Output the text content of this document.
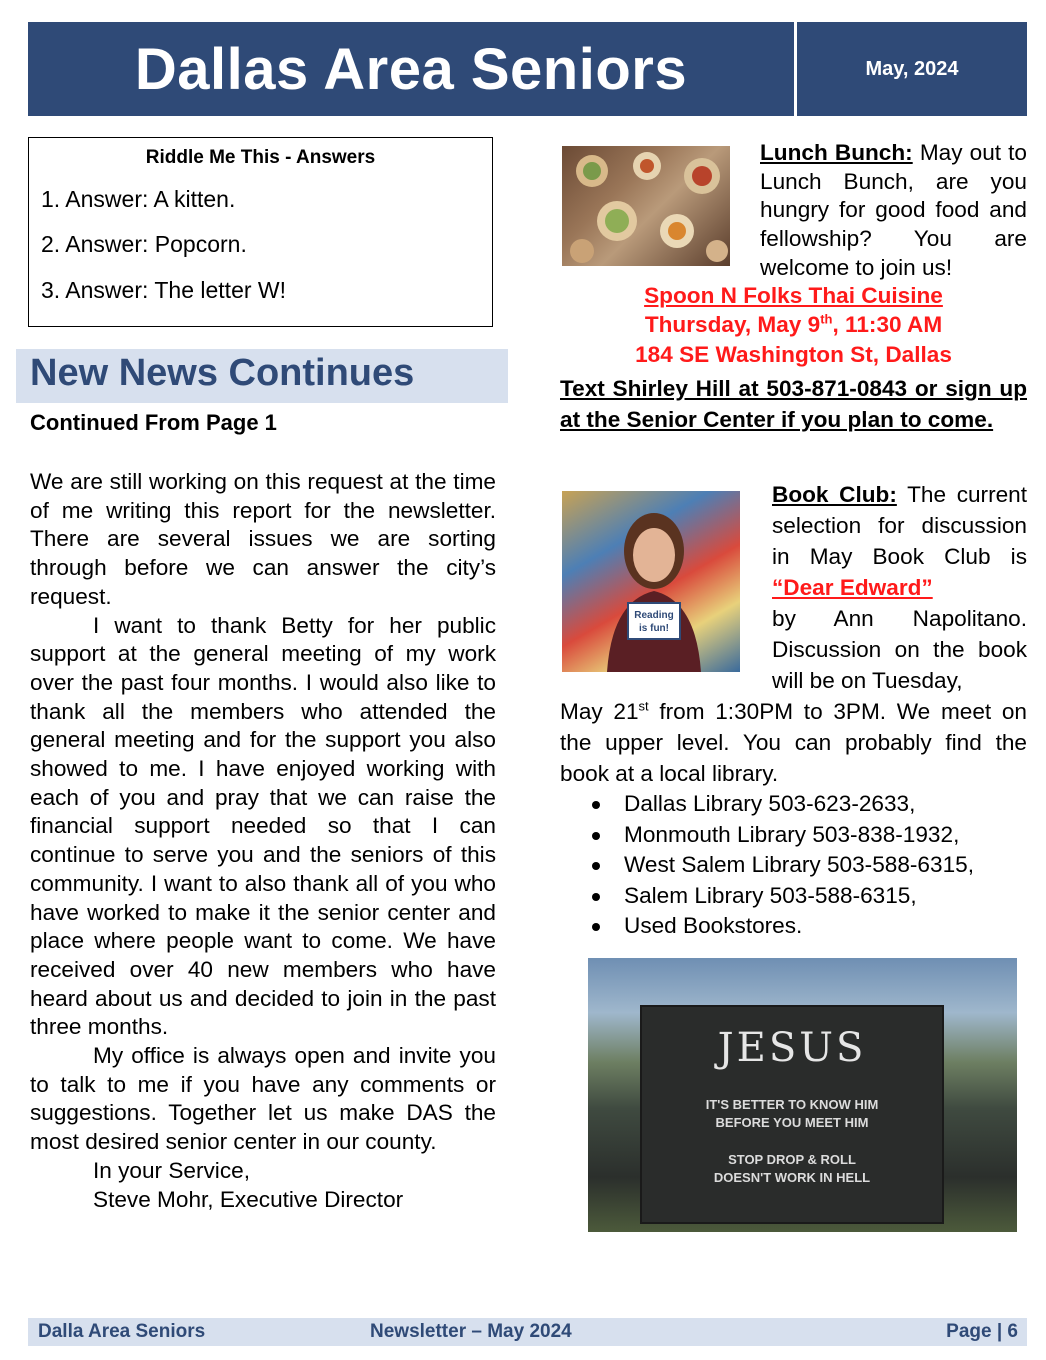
Dallas Area Seniors	May, 2024
Riddle Me This - Answers
1. Answer: A kitten.
2. Answer: Popcorn.
3. Answer: The letter W!
New News Continues
Continued From Page 1

We are still working on this request at the time of me writing this report for the newsletter. There are several issues we are sorting through before we can answer the city’s request.

I want to thank Betty for her public support at the general meeting of my work over the past four months. I would also like to thank all the members who attended the general meeting and for the support you also showed to me. I have enjoyed working with each of you and pray that we can raise the financial support needed so that I can continue to serve you and the seniors of this community. I want to also thank all of you who have worked to make it the senior center and place where people want to come. We have received over 40 new members who have heard about us and decided to join in the past three months.

My office is always open and invite you to talk to me if you have any comments or suggestions. Together let us make DAS the most desired senior center in our county.

In your Service,

Steve Mohr, Executive Director

Lunch Bunch: May out to Lunch Bunch, are you hungry for good food and fellowship? You are welcome to join us!
Spoon N Folks Thai Cuisine
Thursday, May 9th, 11:30 AM
184 SE Washington St, Dallas
Text Shirley Hill at 503-871-0843 or sign up at the Senior Center if you plan to come.
Reading
is fun!
Book Club: The current selection for discussion in May Book Club is “Dear Edward”
by Ann Napolitano. Discussion on the book will be on Tuesday,
May 21st from 1:30PM to 3PM. We meet on the upper level. You can probably find the book at a local library.
Dallas Library 503-623-2633,
Monmouth Library 503-838-1932,
West Salem Library 503-588-6315,
Salem Library 503-588-6315,
Used Bookstores.
JESUS
IT'S BETTER TO KNOW HIM
BEFORE YOU MEET HIM
STOP DROP & ROLL
DOESN'T WORK IN HELL
Dalla Area Seniors	Newsletter – May 2024	Page | 6
